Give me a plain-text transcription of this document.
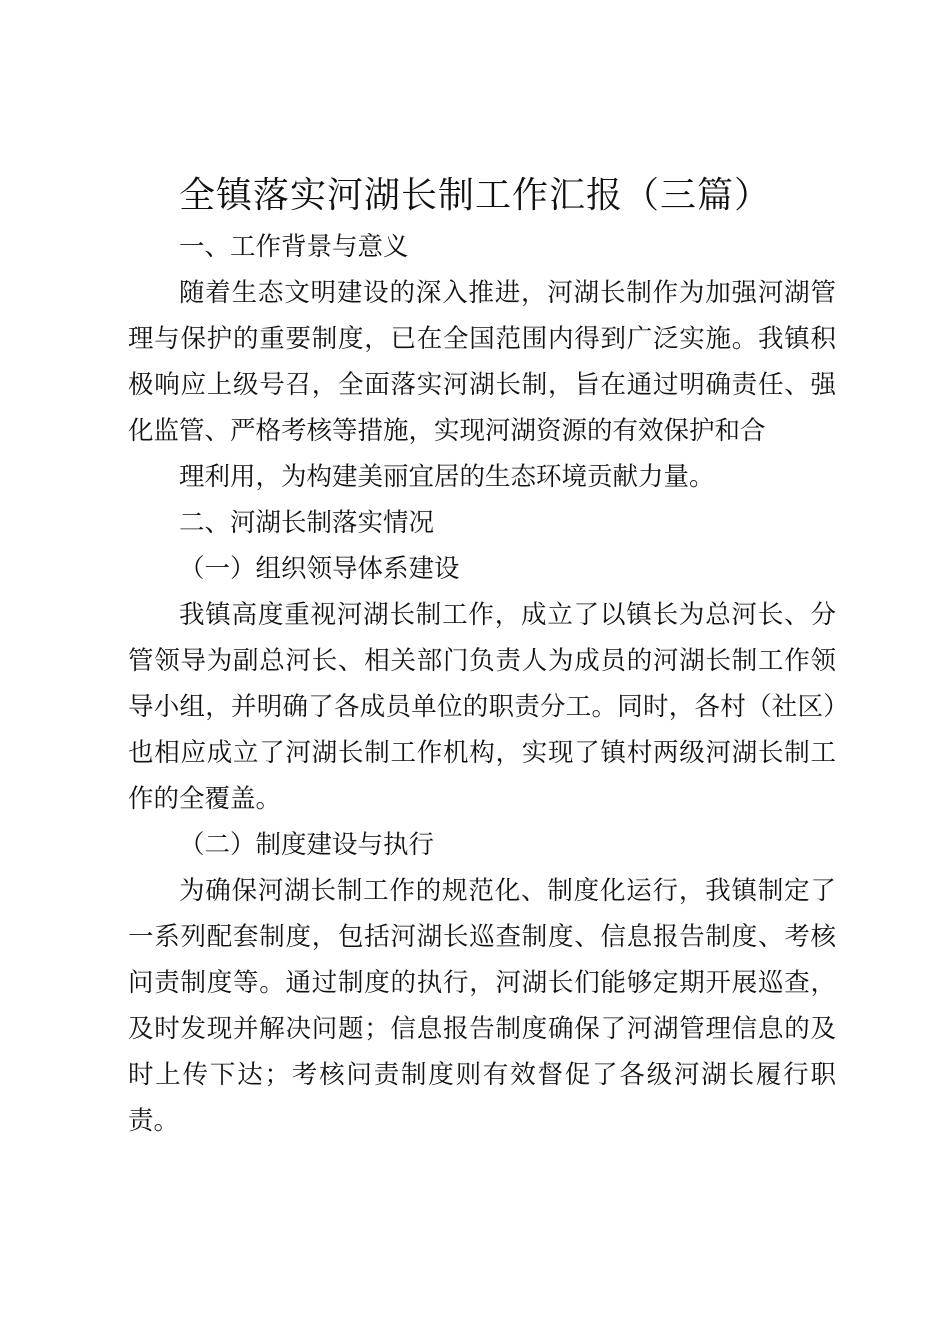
全镇落实河湖长制工作汇报（三篇）

一、工作背景与意义

随着生态文明建设的深入推进，河湖长制作为加强河湖管理与保护的重要制度，已在全国范围内得到广泛实施。我镇积极响应上级号召，全面落实河湖长制，旨在通过明确责任、强化监管、严格考核等措施，实现河湖资源的有效保护和合

理利用，为构建美丽宜居的生态环境贡献力量。

二、河湖长制落实情况

（一）组织领导体系建设

我镇高度重视河湖长制工作，成立了以镇长为总河长、分管领导为副总河长、相关部门负责人为成员的河湖长制工作领导小组，并明确了各成员单位的职责分工。同时，各村（社区）也相应成立了河湖长制工作机构，实现了镇村两级河湖长制工作的全覆盖。

（二）制度建设与执行

为确保河湖长制工作的规范化、制度化运行，我镇制定了一系列配套制度，包括河湖长巡查制度、信息报告制度、考核问责制度等。通过制度的执行，河湖长们能够定期开展巡查，及时发现并解决问题；信息报告制度确保了河湖管理信息的及时上传下达；考核问责制度则有效督促了各级河湖长履行职责。
